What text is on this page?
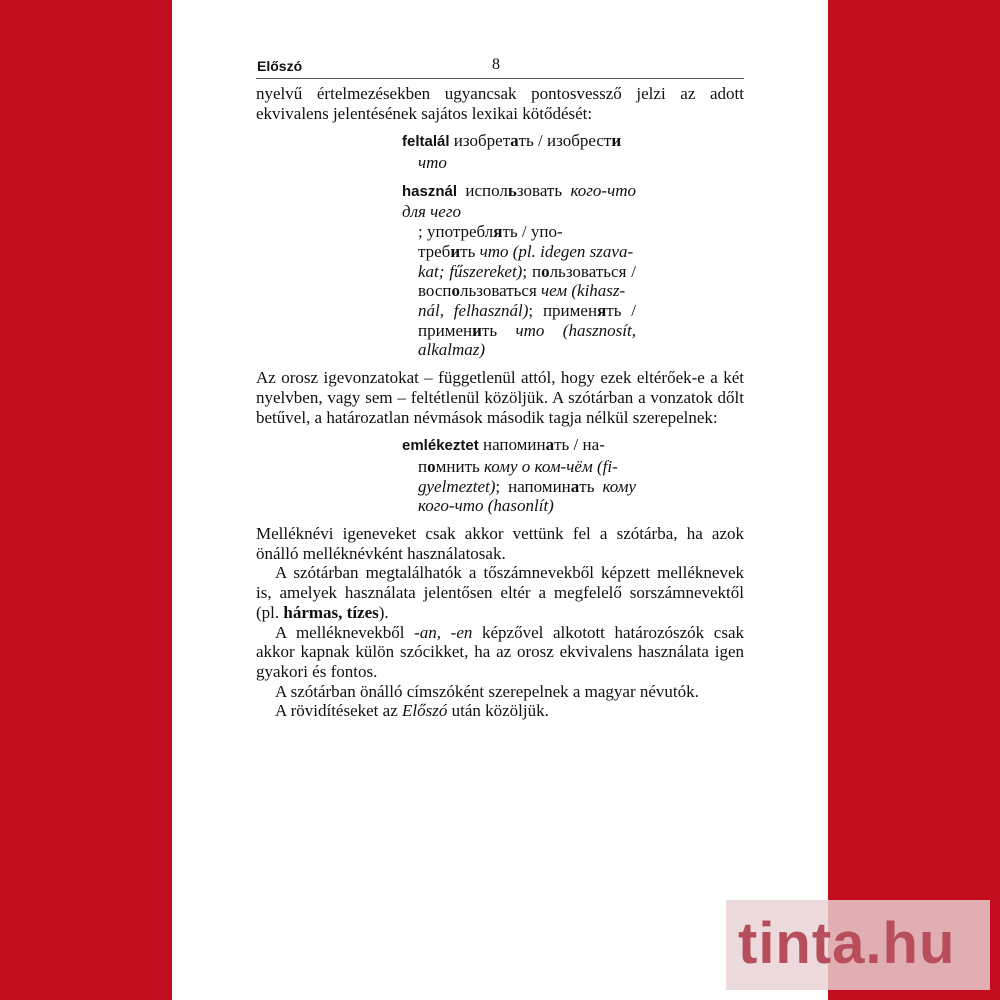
Előszó	8

nyelvű értelmezésekben ugyancsak pontosvessző jelzi az adott ekvivalens jelentésének sajátos lexikai kötődését:

feltalál изобретать / изобрести
что
használ использовать кого-что для чего
; употреблять / упо-
требить что (pl. idegen szava-
kat; fűszereket); пользоваться / воспользоваться чем (kihasz-
nál, felhasznál); применять / применить что (hasznosít, alkalmaz)

Az orosz igevonzatokat – függetlenül attól, hogy ezek eltérőek-e a két nyelvben, vagy sem – feltétlenül közöljük. A szótárban a vonzatok dőlt betűvel, a határozatlan névmások második tagja nélkül szerepelnek:

emlékeztet напоминать / на-
помнить кому о ком-чём (fi-
gyelmeztet); напоминать кому кого-что (hasonlít)

Melléknévi igeneveket csak akkor vettünk fel a szótárba, ha azok önálló melléknévként használatosak.

A szótárban megtalálhatók a tőszámnevekből képzett melléknevek is, amelyek használata jelentősen eltér a megfelelő sorszámnevektől (pl. hármas, tízes).

A melléknevekből -an, -en képzővel alkotott határozószók csak akkor kapnak külön szócikket, ha az orosz ekvivalens használata igen gyakori és fontos.

A szótárban önálló címszóként szerepelnek a magyar névutók.

A rövidítéseket az Előszó után közöljük.

tinta.hu
